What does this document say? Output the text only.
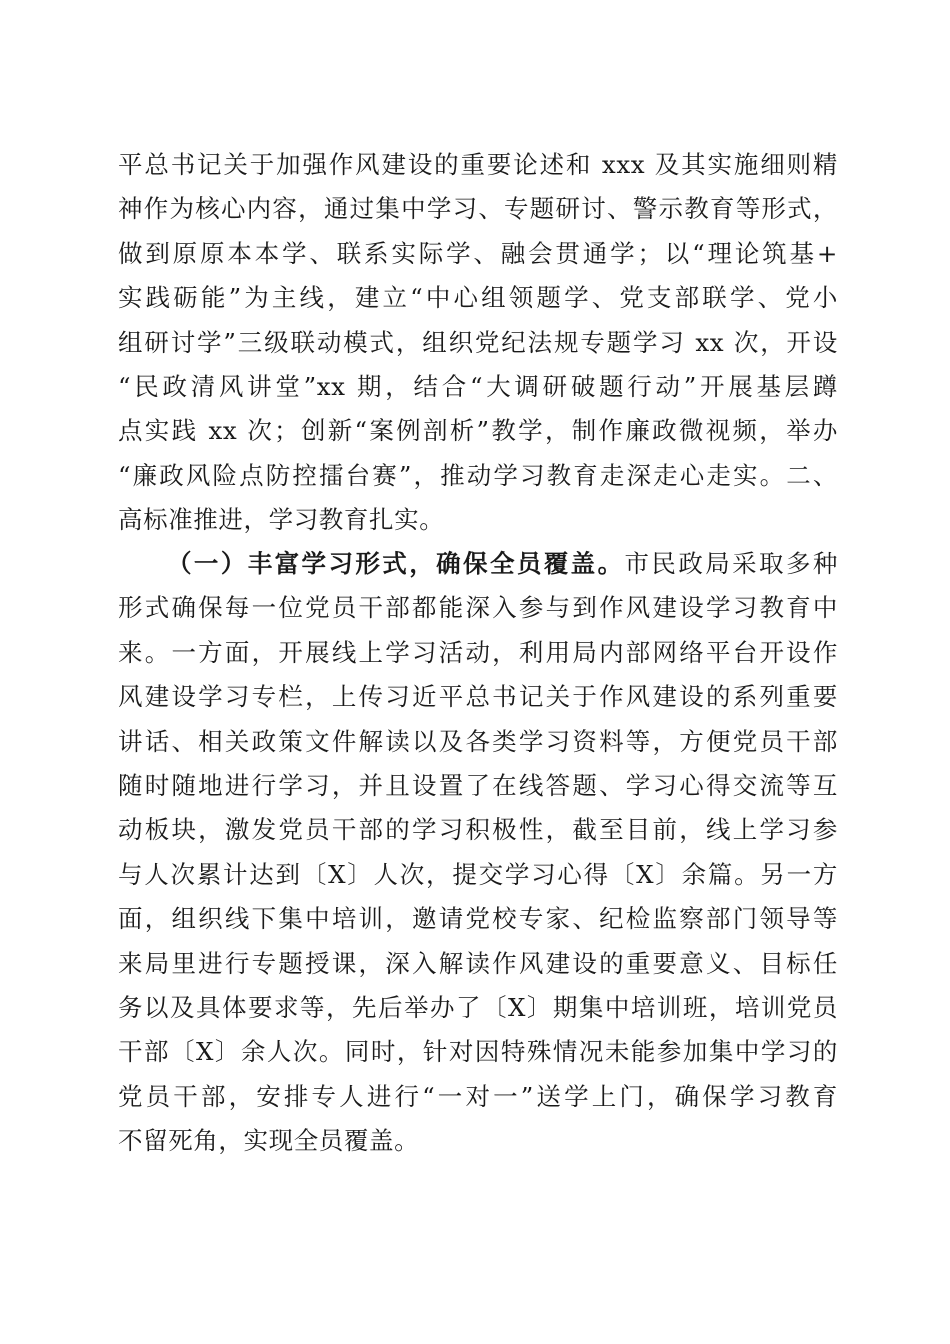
平总书记关于加强作风建设的重要论述和 xxx 及其实施细则精
神作为核心内容，通过集中学习、专题研讨、警示教育等形式，
做到原原本本学、联系实际学、融会贯通学；以“理论筑基+
实践砺能”为主线，建立“中心组领题学、党支部联学、党小
组研讨学”三级联动模式，组织党纪法规专题学习 xx 次，开设
“民政清风讲堂”xx 期，结合“大调研破题行动”开展基层蹲
点实践 xx 次；创新“案例剖析”教学，制作廉政微视频，举办
“廉政风险点防控擂台赛”，推动学习教育走深走心走实。二、
高标准推进，学习教育扎实。
（一）丰富学习形式，确保全员覆盖。市民政局采取多种
形式确保每一位党员干部都能深入参与到作风建设学习教育中
来。一方面，开展线上学习活动，利用局内部网络平台开设作
风建设学习专栏，上传习近平总书记关于作风建设的系列重要
讲话、相关政策文件解读以及各类学习资料等，方便党员干部
随时随地进行学习，并且设置了在线答题、学习心得交流等互
动板块，激发党员干部的学习积极性，截至目前，线上学习参
与人次累计达到〔X〕人次，提交学习心得〔X〕余篇。另一方
面，组织线下集中培训，邀请党校专家、纪检监察部门领导等
来局里进行专题授课，深入解读作风建设的重要意义、目标任
务以及具体要求等，先后举办了〔X〕期集中培训班，培训党员
干部〔X〕余人次。同时，针对因特殊情况未能参加集中学习的
党员干部，安排专人进行“一对一”送学上门，确保学习教育
不留死角，实现全员覆盖。
